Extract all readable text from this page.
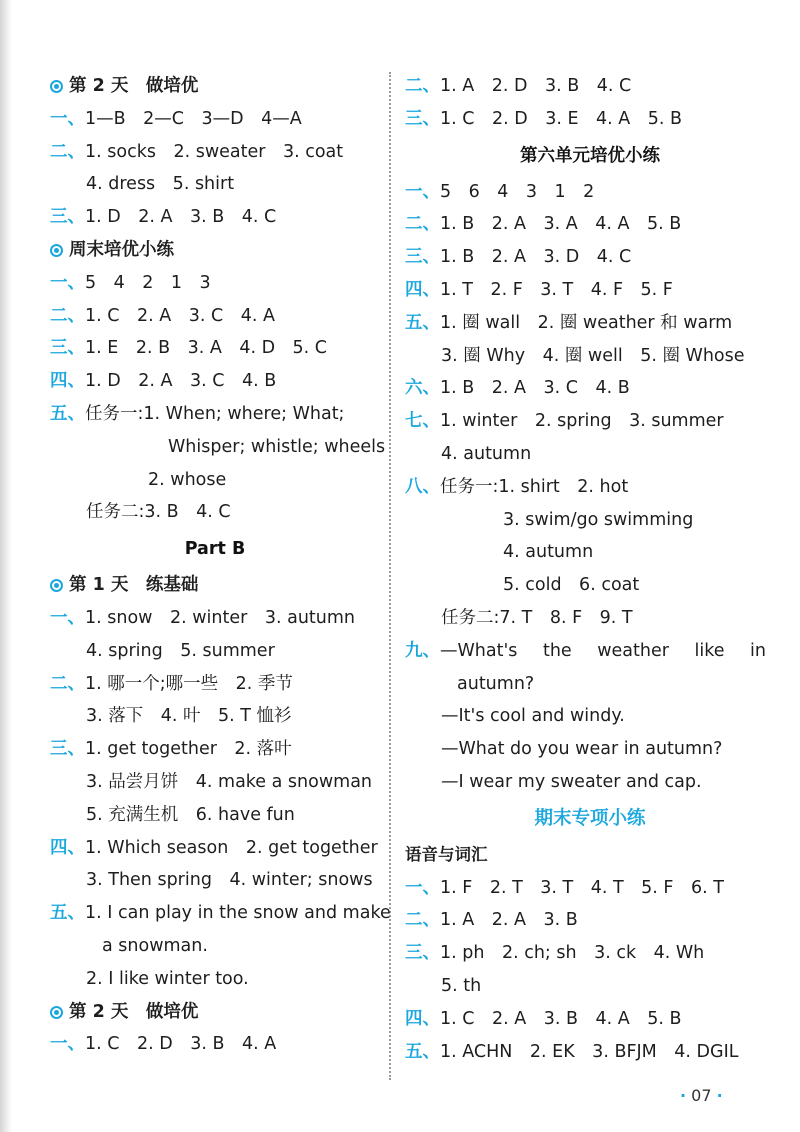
第 2 天　做培优
一、1—B　2—C　3—D　4—A
二、1. socks　2. sweater　3. coat
4. dress　5. shirt
三、1. D　2. A　3. B　4. C
周末培优小练
一、5　4　2　1　3
二、1. C　2. A　3. C　4. A
三、1. E　2. B　3. A　4. D　5. C
四、1. D　2. A　3. C　4. B
五、任务一:1. When; where; What;
Whisper; whistle; wheels
2. whose
任务二:3. B　4. C
Part B
第 1 天　练基础
一、1. snow　2. winter　3. autumn
4. spring　5. summer
二、1. 哪一个;哪一些　2. 季节
3. 落下　4. 叶　5. T 恤衫
三、1. get together　2. 落叶
3. 品尝月饼　4. make a snowman
5. 充满生机　6. have fun
四、1. Which season　2. get together
3. Then spring　4. winter; snows
五、1. I can play in the snow and make
a snowman.
2. I like winter too.
第 2 天　做培优
一、1. C　2. D　3. B　4. A
二、1. A　2. D　3. B　4. C
三、1. C　2. D　3. E　4. A　5. B
第六单元培优小练
一、5　6　4　3　1　2
二、1. B　2. A　3. A　4. A　5. B
三、1. B　2. A　3. D　4. C
四、1. T　2. F　3. T　4. F　5. F
五、1. 圈 wall　2. 圈 weather 和 warm
3. 圈 Why　4. 圈 well　5. 圈 Whose
六、1. B　2. A　3. C　4. B
七、1. winter　2. spring　3. summer
4. autumn
八、任务一:1. shirt　2. hot
3. swim/go swimming
4. autumn
5. cold　6. coat
任务二:7. T　8. F　9. T
九、—What's the weather like in
autumn?
—It's cool and windy.
—What do you wear in autumn?
—I wear my sweater and cap.
期末专项小练
语音与词汇
一、1. F　2. T　3. T　4. T　5. F　6. T
二、1. A　2. A　3. B
三、1. ph　2. ch; sh　3. ck　4. Wh
5. th
四、1. C　2. A　3. B　4. A　5. B
五、1. ACHN　2. EK　3. BFJM　4. DGIL
· 07 ·
